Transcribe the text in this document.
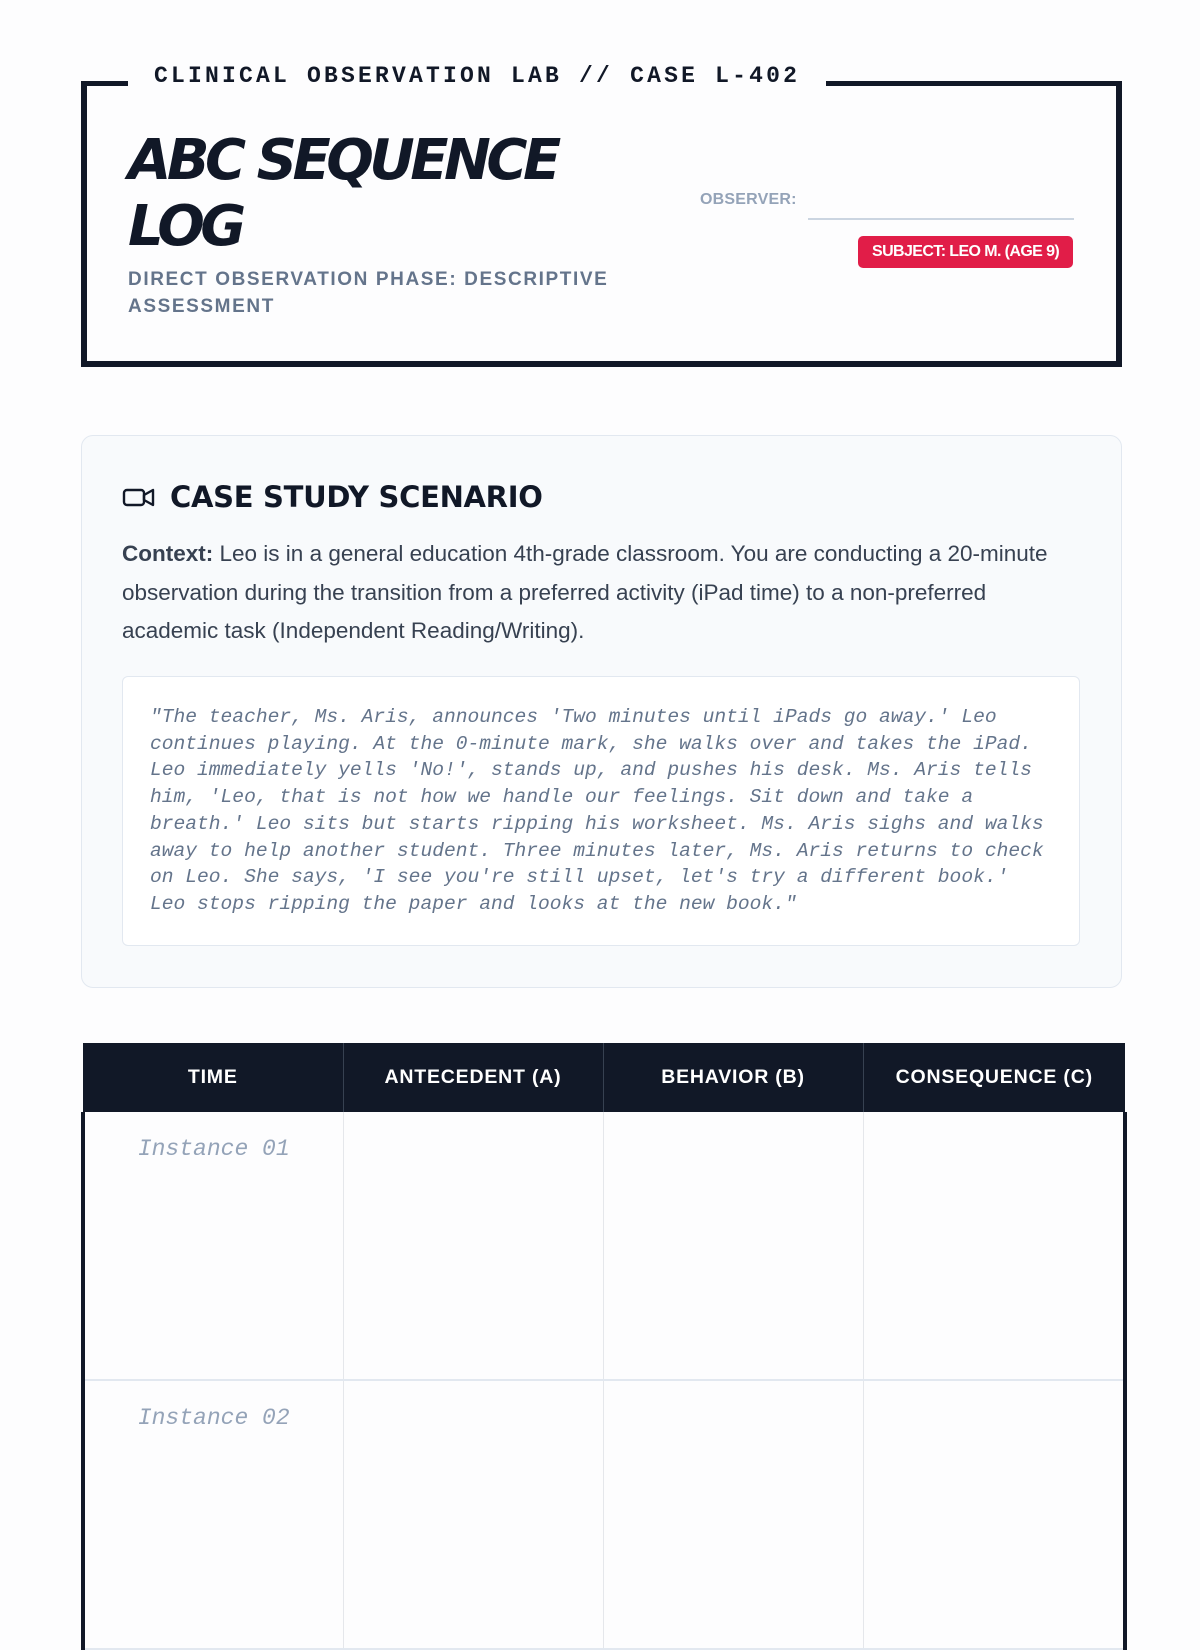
CLINICAL OBSERVATION LAB // CASE L-402
ABC SEQUENCE LOG

DIRECT OBSERVATION PHASE: DESCRIPTIVE ASSESSMENT

OBSERVER:
SUBJECT: LEO M. (AGE 9)
CASE STUDY SCENARIO

Context: Leo is in a general education 4th-grade classroom. You are conducting a 20-minute observation during the transition from a preferred activity (iPad time) to a non-preferred academic task (Independent Reading/Writing).

"The teacher, Ms. Aris, announces 'Two minutes until iPads go away.' Leo continues playing. At the 0-minute mark, she walks over and takes the iPad. Leo immediately yells 'No!', stands up, and pushes his desk. Ms. Aris tells him, 'Leo, that is not how we handle our feelings. Sit down and take a breath.' Leo sits but starts ripping his worksheet. Ms. Aris sighs and walks away to help another student. Three minutes later, Ms. Aris returns to check on Leo. She says, 'I see you're still upset, let's try a different book.' Leo stops ripping the paper and looks at the new book."

TIME	ANTECEDENT (A)	BEHAVIOR (B)	CONSEQUENCE (C)

Instance 01			

Instance 02			
